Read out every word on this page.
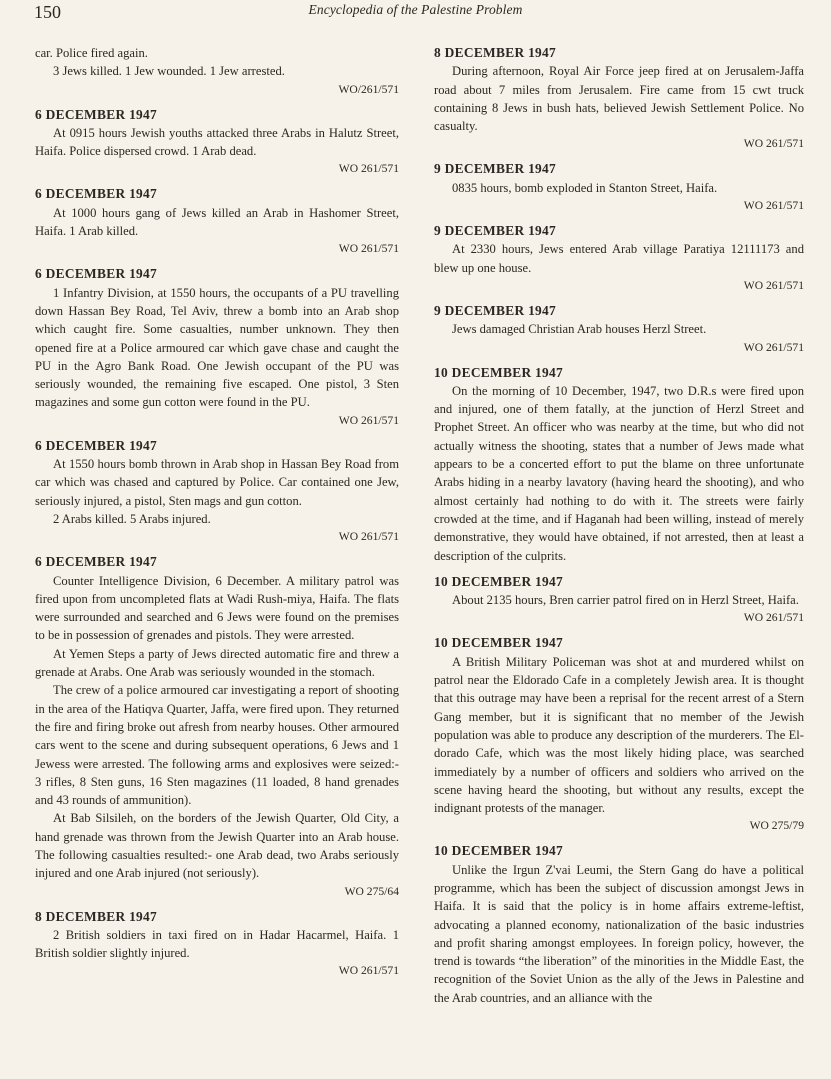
150	Encyclopedia of the Palestine Problem

car. Police fired again.

3 Jews killed. 1 Jew wounded. 1 Jew arrested.

WO/261/571

6 DECEMBER 1947

At 0915 hours Jewish youths attacked three Arabs in Halutz Street, Haifa. Police dispersed crowd. 1 Arab dead.

WO 261/571

6 DECEMBER 1947

At 1000 hours gang of Jews killed an Arab in Hashomer Street, Haifa. 1 Arab killed.

WO 261/571

6 DECEMBER 1947

1 Infantry Division, at 1550 hours, the occupants of a PU travelling down Hassan Bey Road, Tel Aviv, threw a bomb into an Arab shop which caught fire. Some casualties, number unknown. They then opened fire at a Police armoured car which gave chase and caught the PU in the Agro Bank Road. One Jewish occupant of the PU was seriously wounded, the remaining five escaped. One pistol, 3 Sten magazines and some gun cotton were found in the PU.

WO 261/571

6 DECEMBER 1947

At 1550 hours bomb thrown in Arab shop in Hassan Bey Road from car which was chased and captured by Police. Car contained one Jew, seriously injured, a pistol, Sten mags and gun cotton.

2 Arabs killed. 5 Arabs injured.

WO 261/571

6 DECEMBER 1947

Counter Intelligence Division, 6 December. A military patrol was fired upon from uncompleted flats at Wadi Rush-miya, Haifa. The flats were surrounded and searched and 6 Jews were found on the premises to be in possession of grenades and pistols. They were arrested.

At Yemen Steps a party of Jews directed automatic fire and threw a grenade at Arabs. One Arab was seriously wounded in the stomach.

The crew of a police armoured car investigating a report of shooting in the area of the Hatiqva Quarter, Jaffa, were fired upon. They returned the fire and firing broke out afresh from nearby houses. Other armoured cars went to the scene and during subsequent operations, 6 Jews and 1 Jewess were arrested. The following arms and explosives were seized:- 3 rifles, 8 Sten guns, 16 Sten magazines (11 loaded, 8 hand grenades and 43 rounds of ammunition).

At Bab Silsileh, on the borders of the Jewish Quarter, Old City, a hand grenade was thrown from the Jewish Quarter into an Arab house. The following casualties resulted:- one Arab dead, two Arabs seriously injured and one Arab injured (not seriously).

WO 275/64

8 DECEMBER 1947

2 British soldiers in taxi fired on in Hadar Hacarmel, Haifa. 1 British soldier slightly injured.

WO 261/571

8 DECEMBER 1947

During afternoon, Royal Air Force jeep fired at on Jerusalem-Jaffa road about 7 miles from Jerusalem. Fire came from 15 cwt truck containing 8 Jews in bush hats, believed Jewish Settlement Police. No casualty.

WO 261/571

9 DECEMBER 1947

0835 hours, bomb exploded in Stanton Street, Haifa.

WO 261/571

9 DECEMBER 1947

At 2330 hours, Jews entered Arab village Paratiya 12111173 and blew up one house.

WO 261/571

9 DECEMBER 1947

Jews damaged Christian Arab houses Herzl Street.

WO 261/571

10 DECEMBER 1947

On the morning of 10 December, 1947, two D.R.s were fired upon and injured, one of them fatally, at the junction of Herzl Street and Prophet Street. An officer who was nearby at the time, but who did not actually witness the shooting, states that a number of Jews made what appears to be a concerted effort to put the blame on three unfortunate Arabs hiding in a nearby lavatory (having heard the shooting), and who almost certainly had nothing to do with it. The streets were fairly crowded at the time, and if Haganah had been willing, instead of merely demonstrative, they would have obtained, if not arrested, then at least a description of the culprits.

10 DECEMBER 1947

About 2135 hours, Bren carrier patrol fired on in Herzl Street, Haifa.

WO 261/571

10 DECEMBER 1947

A British Military Policeman was shot at and murdered whilst on patrol near the Eldorado Cafe in a completely Jewish area. It is thought that this outrage may have been a reprisal for the recent arrest of a Stern Gang member, but it is significant that no member of the Jewish population was able to produce any description of the murderers. The El-dorado Cafe, which was the most likely hiding place, was searched immediately by a number of officers and soldiers who arrived on the scene having heard the shooting, but without any results, except the indignant protests of the manager.

WO 275/79

10 DECEMBER 1947

Unlike the Irgun Z'vai Leumi, the Stern Gang do have a political programme, which has been the subject of discussion amongst Jews in Haifa. It is said that the policy is in home affairs extreme-leftist, advocating a planned economy, nationalization of the basic industries and profit sharing amongst employees. In foreign policy, however, the trend is towards “the liberation” of the minorities in the Middle East, the recognition of the Soviet Union as the ally of the Jews in Palestine and the Arab countries, and an alliance with the
